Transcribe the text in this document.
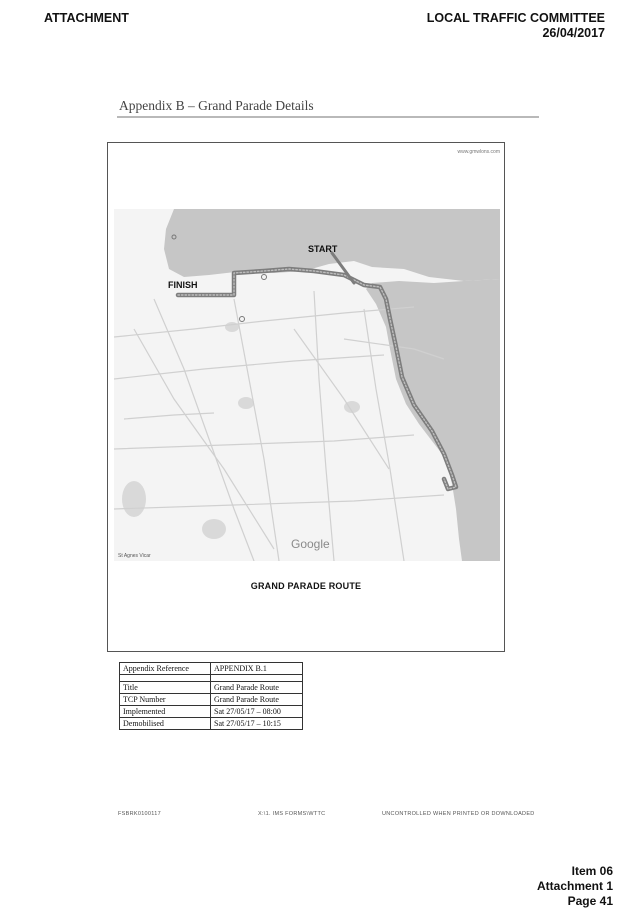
ATTACHMENT	LOCAL TRAFFIC COMMITTEE
26/04/2017
Appendix B – Grand Parade Details
www.gmwlons.com
START
FINISH
Google
St Agnes Vicar
GRAND PARADE ROUTE
Appendix Reference	APPENDIX B.1

Title	Grand Parade Route
TCP Number	Grand Parade Route
Implemented	Sat 27/05/17 – 08:00
Demobilised	Sat 27/05/17 – 10:15
FSBRK0100117	X:\1. IMS FORMS\WTTC	UNCONTROLLED WHEN PRINTED OR DOWNLOADED
Item 06
Attachment 1
Page 41
